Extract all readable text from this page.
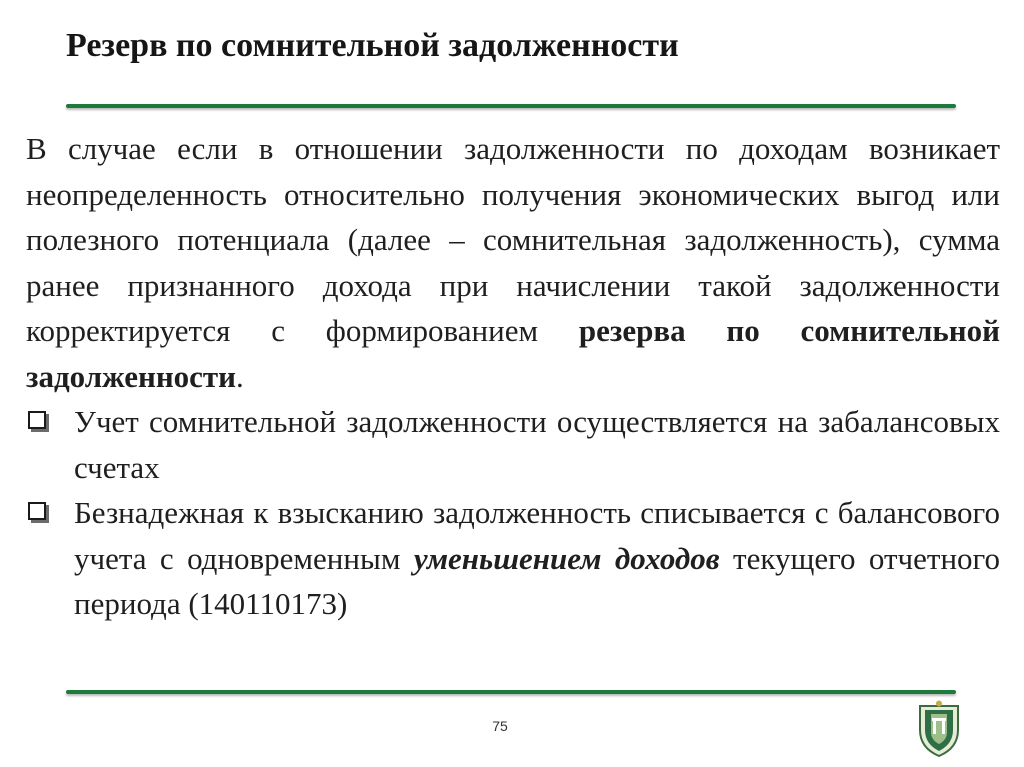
Резерв по сомнительной задолженности

В случае если в отношении задолженности по доходам возникает неопределенность относительно получения экономических выгод или полезного потенциала (далее – сомнительная задолженность), сумма ранее признанного дохода при начислении такой задолженности корректируется с формированием резерва по сомнительной задолженности.

Учет сомнительной задолженности осуществляется на забалансовых счетах
Безнадежная к взысканию задолженность списывается с балансового учета с одновременным уменьшением доходов текущего отчетного периода (140110173)
75
